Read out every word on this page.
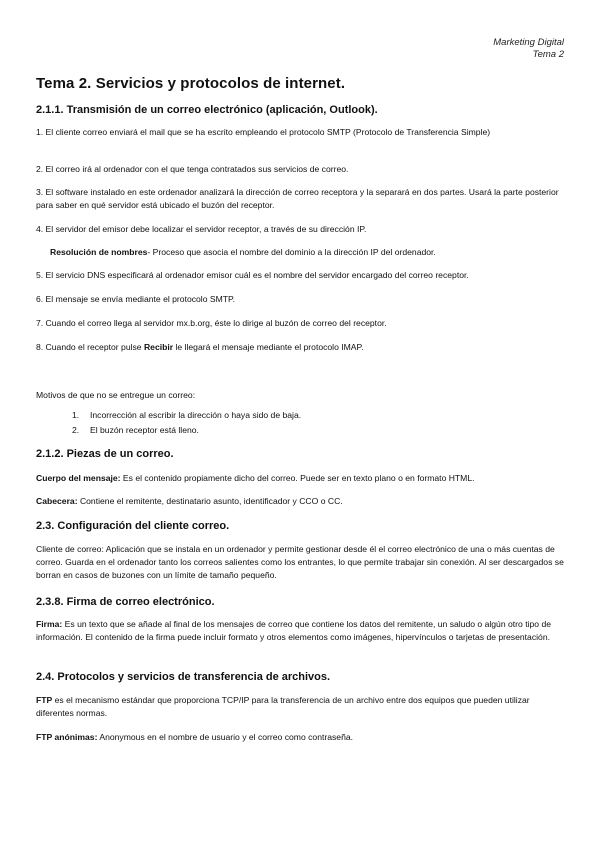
Marketing Digital
Tema 2
Tema 2. Servicios y protocolos de internet.
2.1.1. Transmisión de un correo electrónico (aplicación, Outlook).

1. El cliente correo enviará el mail que se ha escrito empleando el protocolo SMTP (Protocolo de Transferencia Simple)

2. El correo irá al ordenador con el que tenga contratados sus servicios de correo.

3. El software instalado en este ordenador analizará la dirección de correo receptora y la separará en dos partes. Usará la parte posterior para saber en qué servidor está ubicado el buzón del receptor.

4. El servidor del emisor debe localizar el servidor receptor, a través de su dirección IP.

Resolución de nombres- Proceso que asocia el nombre del dominio a la dirección IP del ordenador.

5. El servicio DNS especificará al ordenador emisor cuál es el nombre del servidor encargado del correo receptor.

6. El mensaje se envía mediante el protocolo SMTP.

7. Cuando el correo llega al servidor mx.b.org, éste lo dirige al buzón de correo del receptor.

8. Cuando el receptor pulse Recibir le llegará el mensaje mediante el protocolo IMAP.

Motivos de que no se entregue un correo:

1. Incorrección al escribir la dirección o haya sido de baja.
2. El buzón receptor está lleno.
2.1.2. Piezas de un correo.

Cuerpo del mensaje: Es el contenido propiamente dicho del correo. Puede ser en texto plano o en formato HTML.

Cabecera: Contiene el remitente, destinatario asunto, identificador y CCO o CC.

2.3. Configuración del cliente correo.

Cliente de correo: Aplicación que se instala en un ordenador y permite gestionar desde él el correo electrónico de una o más cuentas de correo. Guarda en el ordenador tanto los correos salientes como los entrantes, lo que permite trabajar sin conexión. Al ser descargados se borran en casos de buzones con un límite de tamaño pequeño.

2.3.8. Firma de correo electrónico.

Firma: Es un texto que se añade al final de los mensajes de correo que contiene los datos del remitente, un saludo o algún otro tipo de información. El contenido de la firma puede incluir formato y otros elementos como imágenes, hipervínculos o tarjetas de presentación.

2.4. Protocolos y servicios de transferencia de archivos.

FTP es el mecanismo estándar que proporciona TCP/IP para la transferencia de un archivo entre dos equipos que pueden utilizar diferentes normas.

FTP anónimas: Anonymous en el nombre de usuario y el correo como contraseña.
